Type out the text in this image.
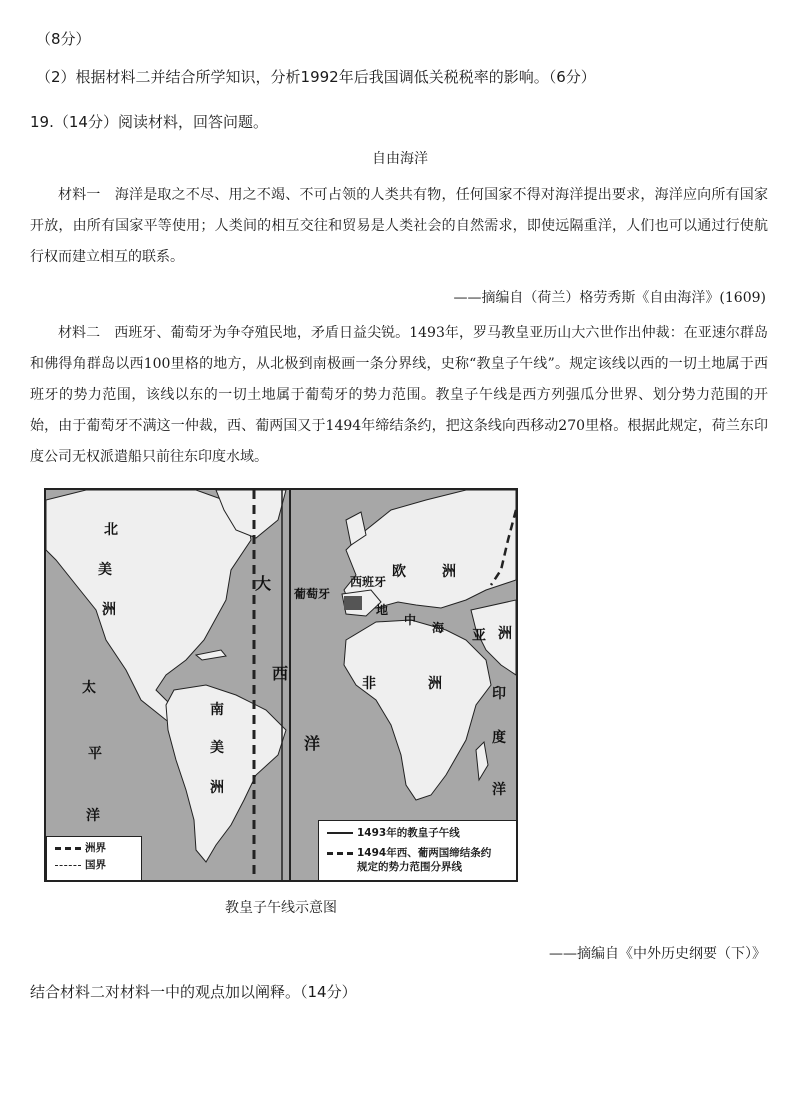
（8分）
（2）根据材料二并结合所学知识，分析1992年后我国调低关税税率的影响。（6分）
19.（14分）阅读材料，回答问题。
自由海洋
材料一　海洋是取之不尽、用之不竭、不可占领的人类共有物，任何国家不得对海洋提出要求，海洋应向所有国家开放，由所有国家平等使用；人类间的相互交往和贸易是人类社会的自然需求，即使远隔重洋，人们也可以通过行使航行权而建立相互的联系。
——摘编自（荷兰）格劳秀斯《自由海洋》(1609)
材料二　西班牙、葡萄牙为争夺殖民地，矛盾日益尖锐。1493年，罗马教皇亚历山大六世作出仲裁：在亚速尔群岛和佛得角群岛以西100里格的地方，从北极到南极画一条分界线，史称“教皇子午线”。规定该线以西的一切土地属于西班牙的势力范围，该线以东的一切土地属于葡萄牙的势力范围。教皇子午线是西方列强瓜分世界、划分势力范围的开始，由于葡萄牙不满这一仲裁，西、葡两国又于1494年缔结条约，把这条线向西移动270里格。根据此规定，荷兰东印度公司无权派遣船只前往东印度水域。
北
美
洲
太
平
洋
南
美
洲
大
西
洋
葡萄牙
西班牙
欧	洲
地
中
海
非	洲
亚 洲
印
度
洋
洲界
国界
1493年的教皇子午线
1494年西、葡两国缔结条约
规定的势力范围分界线
教皇子午线示意图
——摘编自《中外历史纲要（下）》
结合材料二对材料一中的观点加以阐释。（14分）
